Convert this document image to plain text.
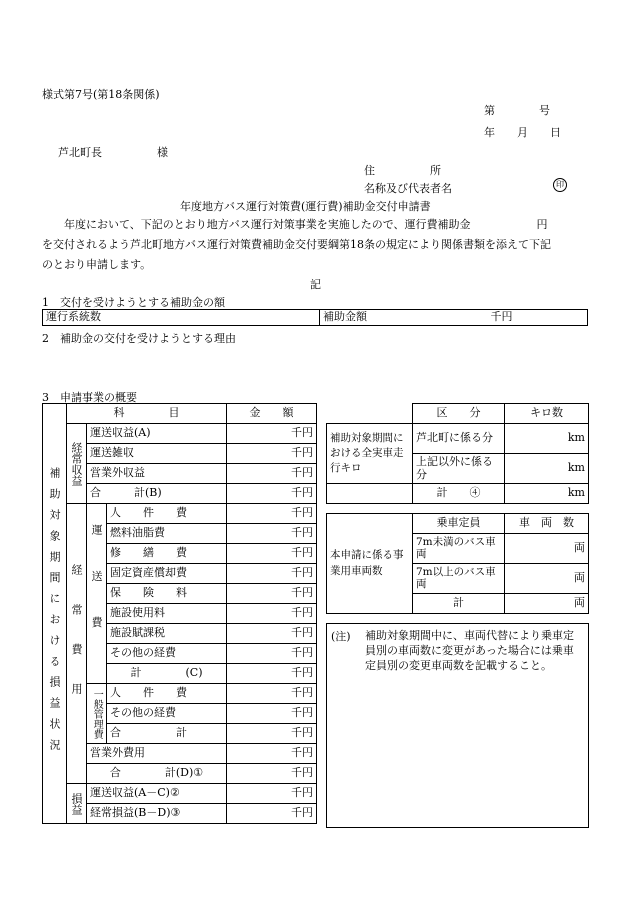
様式第7号(第18条関係)
第　　　　号
年　　月　　日
芦北町長　　　　　様
住　　　　　所
名称及び代表者名	印
年度地方バス運行対策費(運行費)補助金交付申請書
年度において、下記のとおり地方バス運行対策事業を実施したので、運行費補助金　　　　　　円
を交付されるよう芦北町地方バス運行対策費補助金交付要綱第18条の規定により関係書類を添えて下記
のとおり申請します。
記
1　交付を受けようとする補助金の額
運行系統数	補助金額	千円
2　補助金の交付を受けようとする理由
3　申請事業の概要
補助対象期間における損益状況	科　　　　目			金　　額
	経常収益	運送収益(A)		千円
		運送雑収		千円
		営業外収益		千円
		合　　　計(B)		千円
	経常費用	運送費	人　　件　　費	千円
			燃料油脂費	千円
			修　　繕　　費	千円
			固定資産償却費	千円
			保　　険　　料	千円
			施設使用料	千円
			施設賦課税	千円
			その他の経費	千円
			計　　　　(C)	千円
		一般管理費	人　　件　　費	千円
			その他の経費	千円
			合　　　　　計	千円
		営業外費用		千円
		合　　　　計(D)①		千円
	損益	運送収益(A－C)②		千円
		経常損益(B－D)③		千円
	区　　分	キロ数
補助対象期間における全実車走行キロ	芦北町に係る分	km
	上記以外に係る分	km
	計　　④	km
本申請に係る事業用車両数	乗車定員	車　両　数
	7m未満のバス車両	両
	7m以上のバス車両	両
	計	両
(注) 補助対象期間中に、車両代替により乗車定員別の車両数に変更があった場合には乗車定員別の変更車両数を記載すること。
